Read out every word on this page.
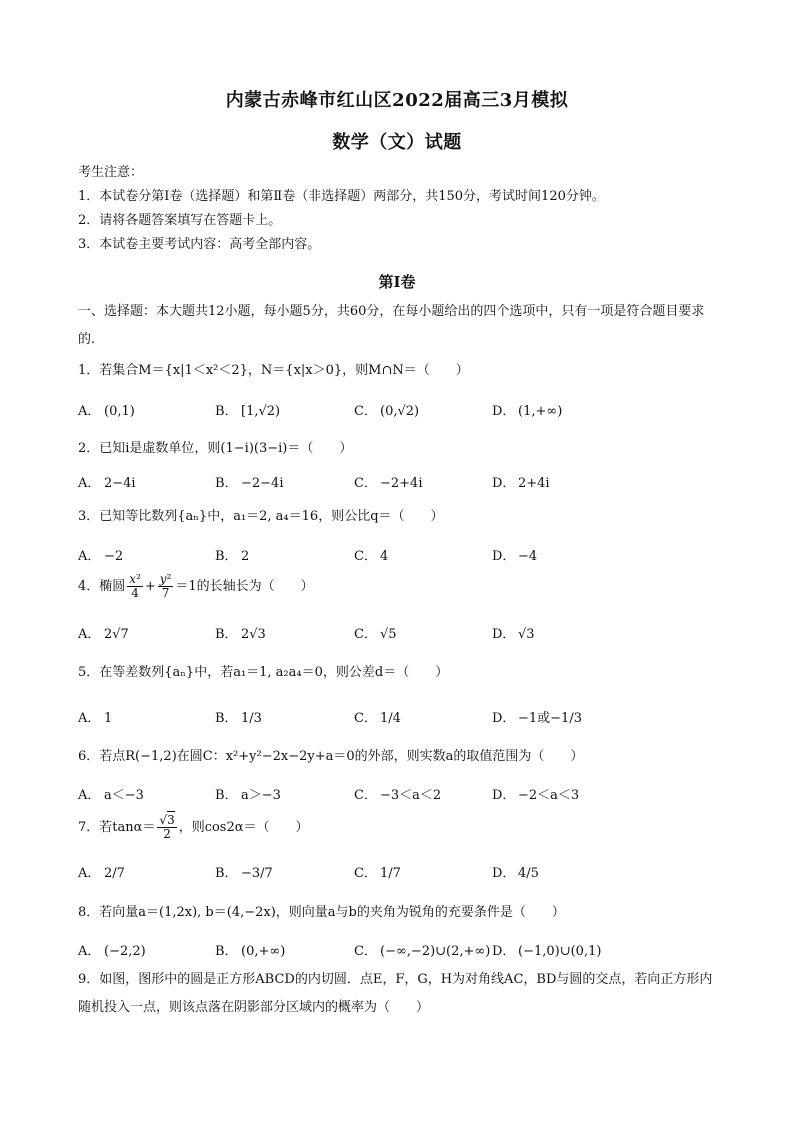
内蒙古赤峰市红山区2022届高三3月模拟
数学（文）试题
考生注意：
1．本试卷分第Ⅰ卷（选择题）和第Ⅱ卷（非选择题）两部分，共150分，考试时间120分钟。
2．请将各题答案填写在答题卡上。
3．本试卷主要考试内容：高考全部内容。
第Ⅰ卷
一、选择题：本大题共12小题，每小题5分，共60分，在每小题给出的四个选项中，只有一项是符合题目要求的.
1．若集合M＝{x|1＜x²＜2}，N＝{x|x＞0}，则M∩N＝（　　）
A． (0,1)	B． [1,√2)	C． (0,√2)	D． (1,+∞)
2．已知i是虚数单位，则(1−i)(3−i)＝（　　）
A． 2−4i	B． −2−4i	C． −2+4i	D． 2+4i
3．已知等比数列{aₙ}中，a₁＝2, a₄＝16，则公比q＝（　　）
A． −2	B． 2	C． 4	D． −4
4．椭圆 $\frac{\text{x²}}{4} + \frac{\text{y²}}{7} =1$的长轴长为（　　）
A． 2√7	B． 2√3	C． √5	D． √3
5．在等差数列{aₙ}中，若a₁＝1, a₂a₄＝0，则公差d＝（　　）
A． 1	B． 1/3	C． 1/4	D． −1或−1/3
6．若点R(−1,2)在圆C：x²+y²−2x−2y+a＝0的外部，则实数a的取值范围为（　　）
A． a＜−3	B． a＞−3	C． −3＜a＜2	D． −2＜a＜3
7．若$\tan\alpha= \frac{√3}{2}$ ，则cos2α＝（　　）
A． 2/7	B． −3/7	C． 1/7	D． 4/5
8．若向量a＝(1,2x), b＝(4,−2x)，则向量a与b的夹角为锐角的充要条件是（　　）
A． (−2,2)	B． (0,+∞)	C． (−∞,−2)∪(2,+∞) D． (−1,0)∪(0,1)
9．如图，图形中的圆是正方形ABCD的内切圆．点E，F，G，H为对角线AC，BD与圆的交点，若向正方形内随机投入一点，则该点落在阴影部分区域内的概率为（　　）
